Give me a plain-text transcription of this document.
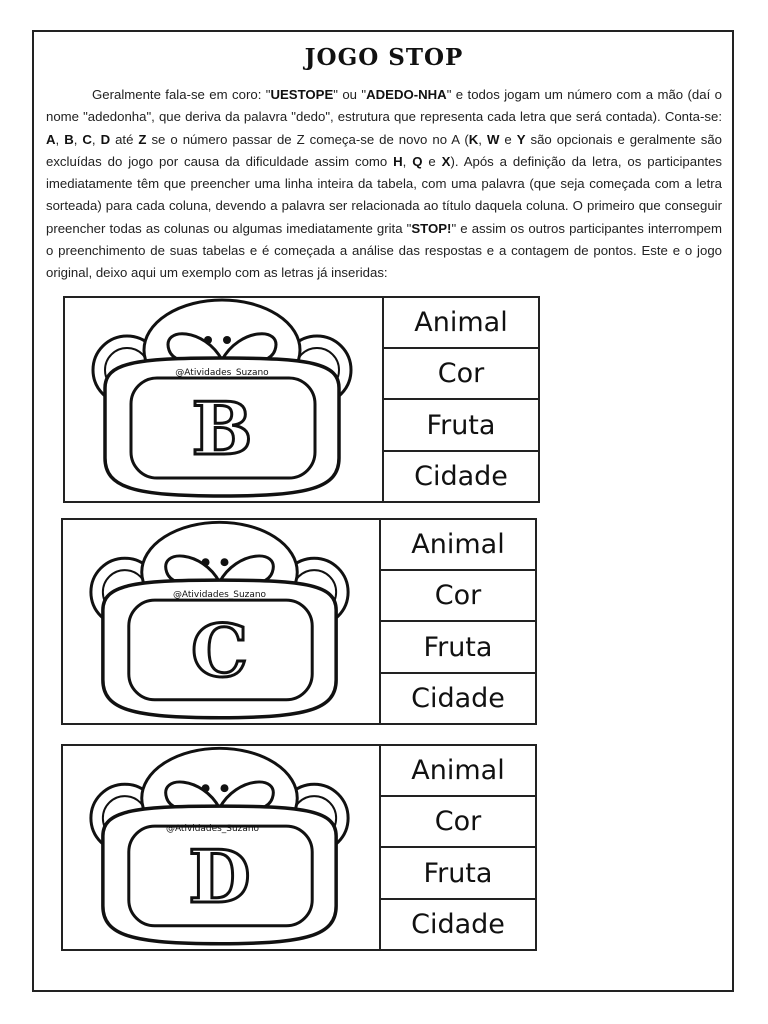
JOGO STOP

Geralmente fala-se em coro: "UESTOPE" ou "ADEDO-NHA" e todos jogam um número com a mão (daí o nome "adedonha", que deriva da palavra "dedo", estrutura que representa cada letra que será contada). Conta-se: A, B, C, D até Z se o número passar de Z começa-se de novo no A (K, W e Y são opcionais e geralmente são excluídas do jogo por causa da dificuldade assim como H, Q e X). Após a definição da letra, os participantes imediatamente têm que preencher uma linha inteira da tabela, com uma palavra (que seja começada com a letra sorteada) para cada coluna, devendo a palavra ser relacionada ao título daquela coluna. O primeiro que conseguir preencher todas as colunas ou algumas imediatamente grita "STOP!" e assim os outros participantes interrompem o preenchimento de suas tabelas e é começada a análise das respostas e a contagem de pontos. Este e o jogo original, deixo aqui um exemplo com as letras já inseridas:

@Atividades_Suzano
B
Animal
Cor
Fruta
Cidade
@Atividades_Suzano
C
Animal
Cor
Fruta
Cidade
@Atividades_Suzano
D
Animal
Cor
Fruta
Cidade
